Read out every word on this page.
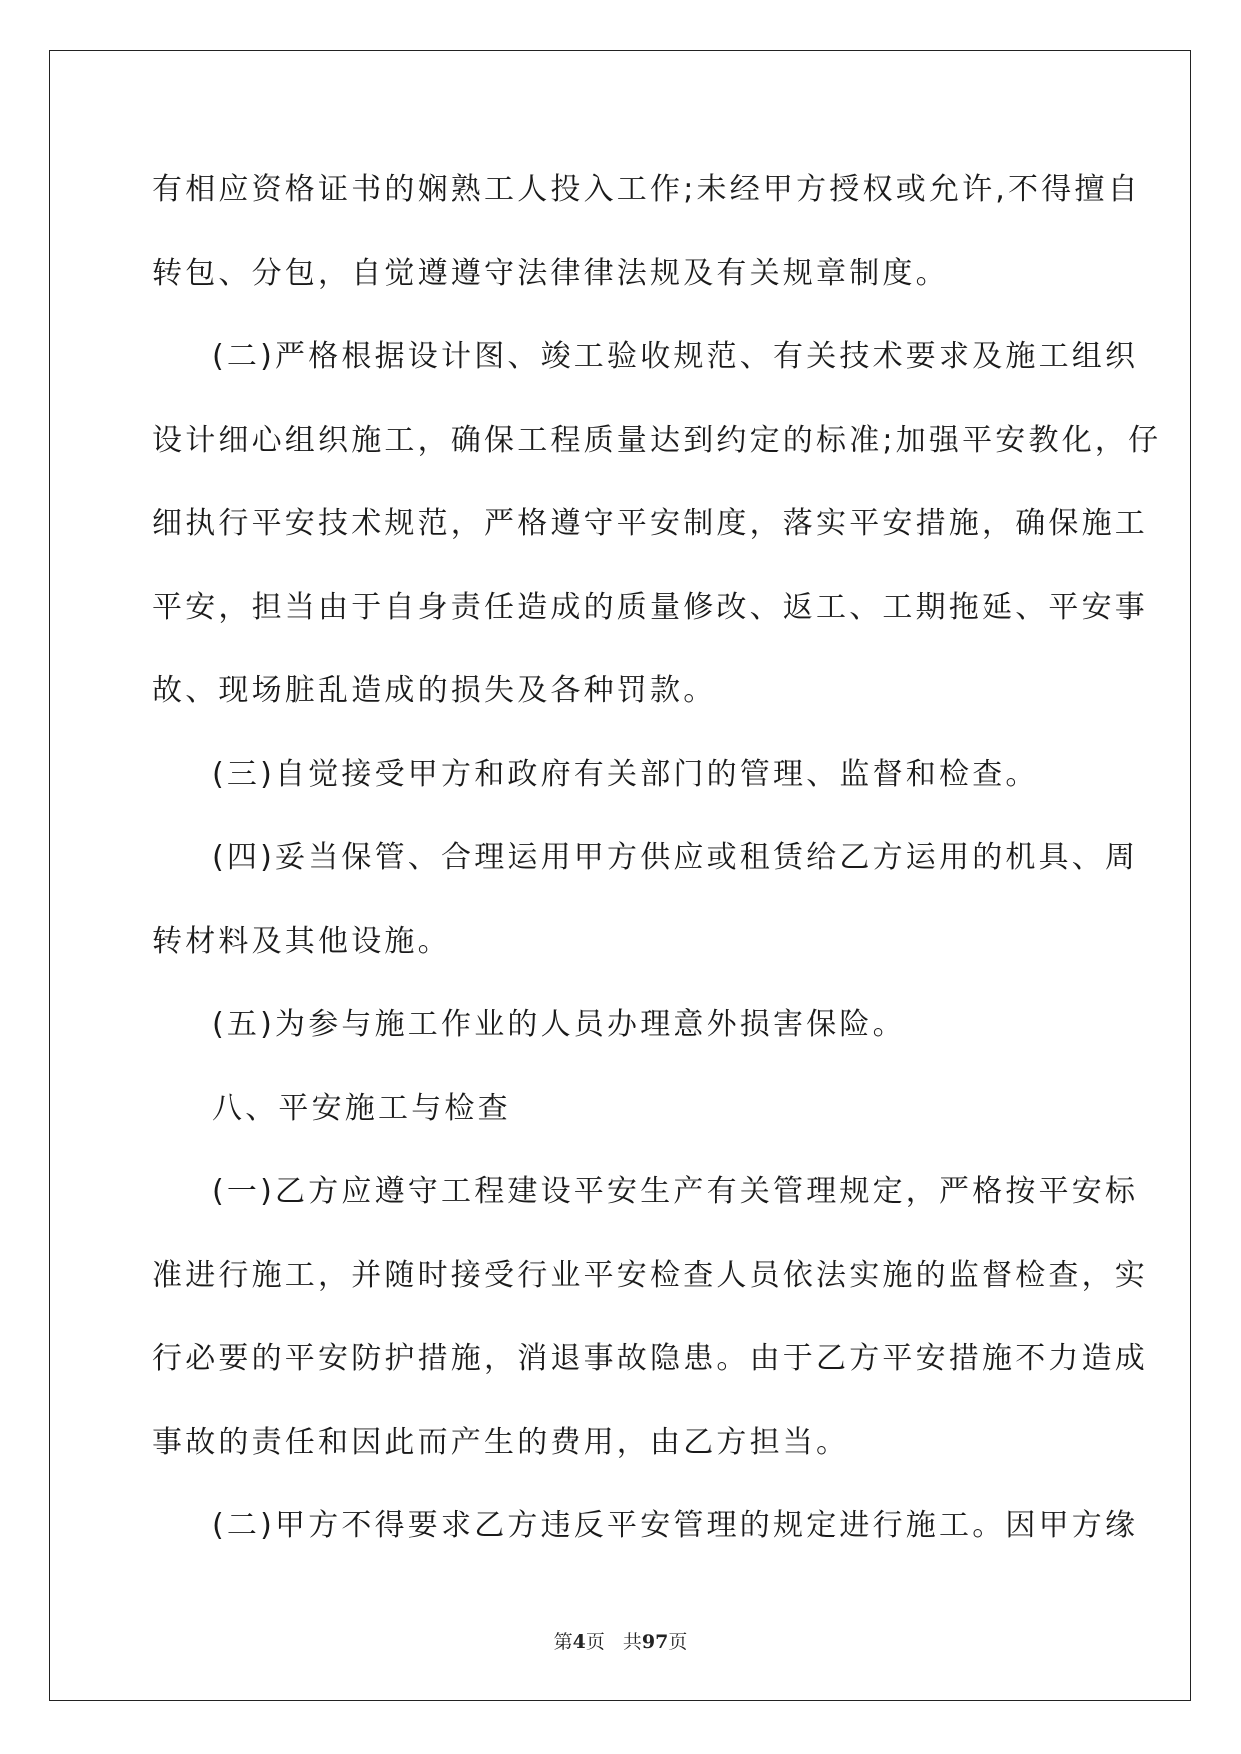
有相应资格证书的娴熟工人投入工作;未经甲方授权或允许,不得擅自
转包、分包，自觉遵遵守法律律法规及有关规章制度。
(二)严格根据设计图、竣工验收规范、有关技术要求及施工组织
设计细心组织施工，确保工程质量达到约定的标准;加强平安教化，仔
细执行平安技术规范，严格遵守平安制度，落实平安措施，确保施工
平安，担当由于自身责任造成的质量修改、返工、工期拖延、平安事
故、现场脏乱造成的损失及各种罚款。
(三)自觉接受甲方和政府有关部门的管理、监督和检查。
(四)妥当保管、合理运用甲方供应或租赁给乙方运用的机具、周
转材料及其他设施。
(五)为参与施工作业的人员办理意外损害保险。
八、平安施工与检查
(一)乙方应遵守工程建设平安生产有关管理规定，严格按平安标
准进行施工，并随时接受行业平安检查人员依法实施的监督检查，实
行必要的平安防护措施，消退事故隐患。由于乙方平安措施不力造成
事故的责任和因此而产生的费用，由乙方担当。
(二)甲方不得要求乙方违反平安管理的规定进行施工。因甲方缘
第4页 共97页
